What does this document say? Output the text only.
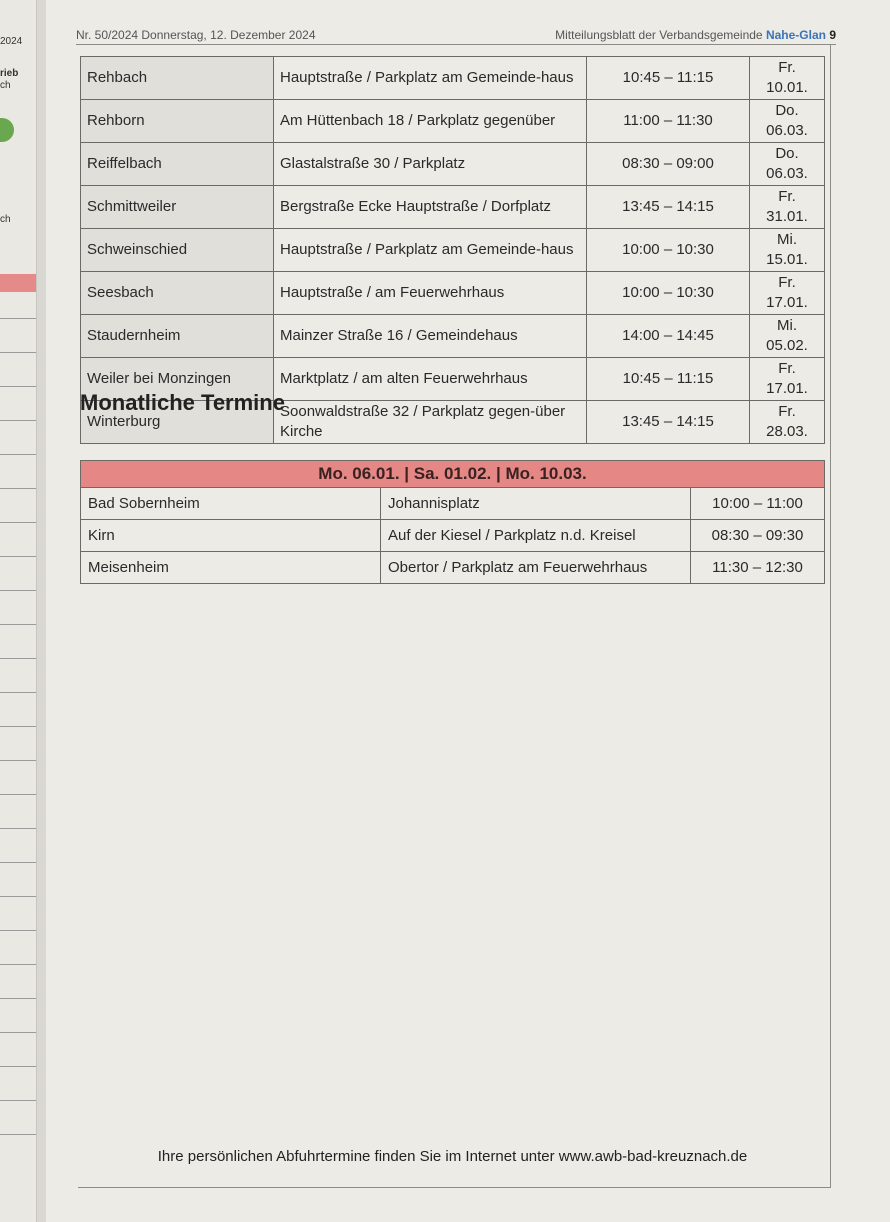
2024
rieb
ch
ch
Nr. 50/2024 Donnerstag, 12. Dezember 2024	Mitteilungsblatt der Verbandsgemeinde Nahe-Glan 9
Rehbach	Hauptstraße / Parkplatz am Gemeinde-haus	10:45 – 11:15	Fr. 10.01.
Rehborn	Am Hüttenbach 18 / Parkplatz gegenüber	11:00 – 11:30	Do. 06.03.
Reiffelbach	Glastalstraße 30 / Parkplatz	08:30 – 09:00	Do. 06.03.
Schmittweiler	Bergstraße Ecke Hauptstraße / Dorfplatz	13:45 – 14:15	Fr. 31.01.
Schweinschied	Hauptstraße / Parkplatz am Gemeinde-haus	10:00 – 10:30	Mi. 15.01.
Seesbach	Hauptstraße / am Feuerwehrhaus	10:00 – 10:30	Fr. 17.01.
Staudernheim	Mainzer Straße 16 / Gemeindehaus	14:00 – 14:45	Mi. 05.02.
Weiler bei Monzingen	Marktplatz / am alten Feuerwehrhaus	10:45 – 11:15	Fr. 17.01.
Winterburg	Soonwaldstraße 32 / Parkplatz gegen-über Kirche	13:45 – 14:15	Fr. 28.03.
Monatliche Termine
Mo. 06.01. | Sa. 01.02. | Mo. 10.03.
Bad Sobernheim	Johannisplatz	10:00 – 11:00
Kirn	Auf der Kiesel / Parkplatz n.d. Kreisel	08:30 – 09:30
Meisenheim	Obertor / Parkplatz am Feuerwehrhaus	11:30 – 12:30
Ihre persönlichen Abfuhrtermine finden Sie im Internet unter www.awb-bad-kreuznach.de
